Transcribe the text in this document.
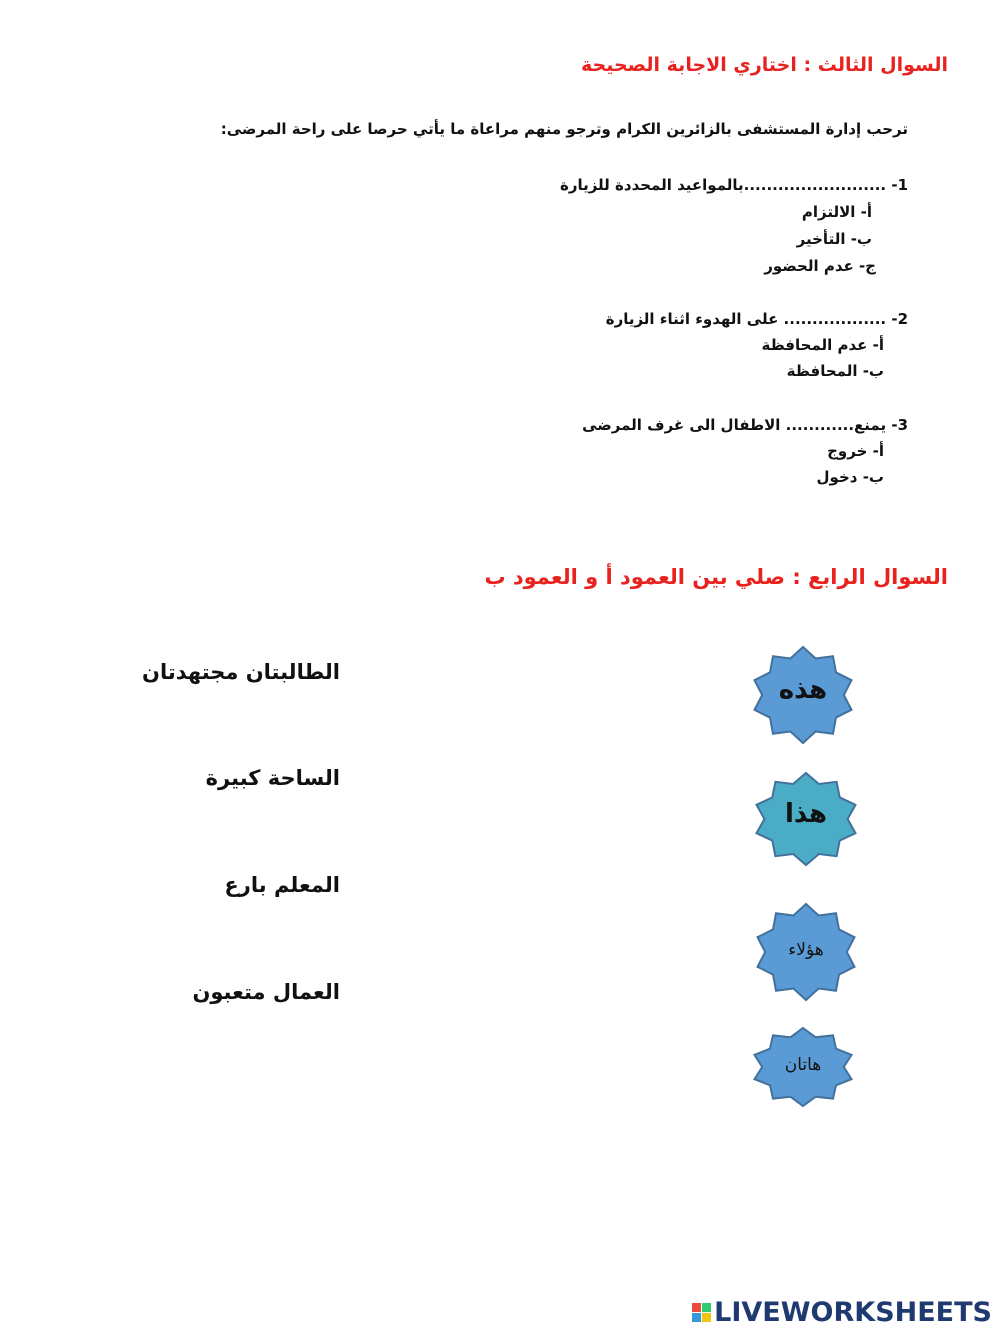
السوال الثالث : اختاري الاجابة الصحيحة
ترحب إدارة المستشفى بالزائرين الكرام وترجو منهم مراعاة ما يأتي حرصا على راحة المرضى:
1- .........................بالمواعيد المحددة للزيارة
أ- الالتزام
ب- التأخير
ج- عدم الحضور
2- .................. على الهدوء اثناء الزيارة
أ- عدم المحافظة
ب- المحافظة
3- يمنع............ الاطفال الى غرف المرضى
أ- خروج
ب- دخول
السوال الرابع : صلي بين العمود أ و العمود ب
الطالبتان مجتهدتان
الساحة كبيرة
المعلم بارع
العمال متعبون
هذه
هذا
هؤلاء
هاتان
LIVEWORKSHEETS
